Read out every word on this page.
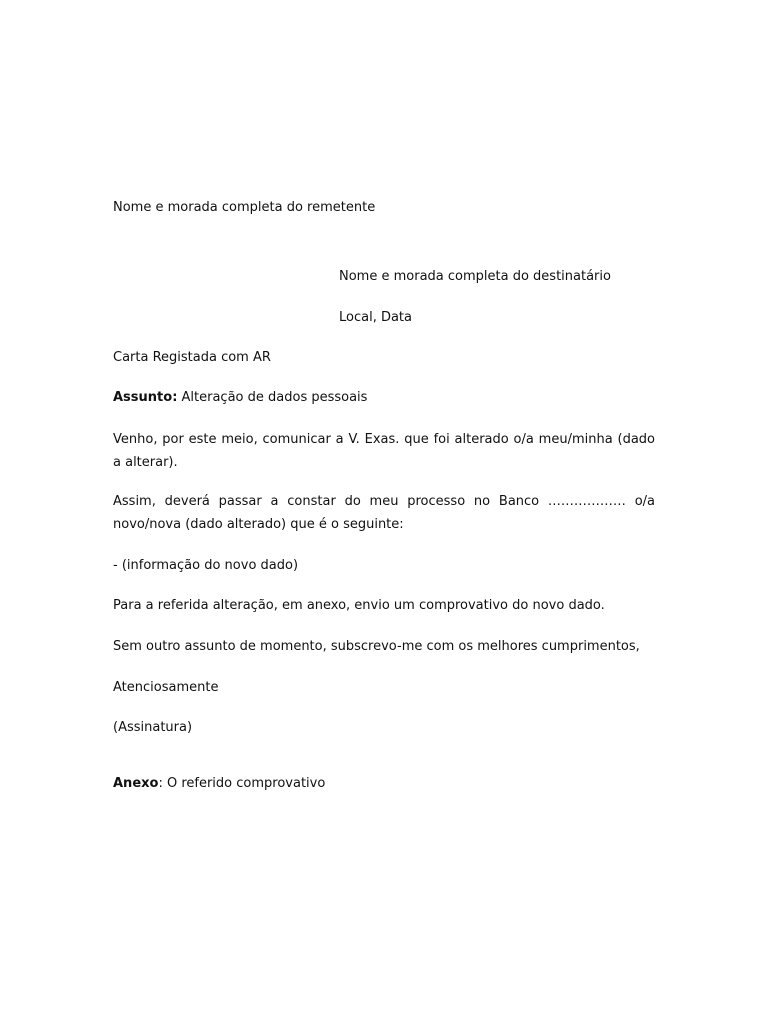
Nome e morada completa do remetente
Nome e morada completa do destinatário
Local, Data
Carta Registada com AR
Assunto: Alteração de dados pessoais
Venho, por este meio, comunicar a V. Exas. que foi alterado o/a meu/minha (dado a alterar).
Assim, deverá passar a constar do meu processo no Banco ……………… o/a novo/nova (dado alterado) que é o seguinte:
- (informação do novo dado)
Para a referida alteração, em anexo, envio um comprovativo do novo dado.
Sem outro assunto de momento, subscrevo-me com os melhores cumprimentos,
Atenciosamente
(Assinatura)
Anexo: O referido comprovativo
